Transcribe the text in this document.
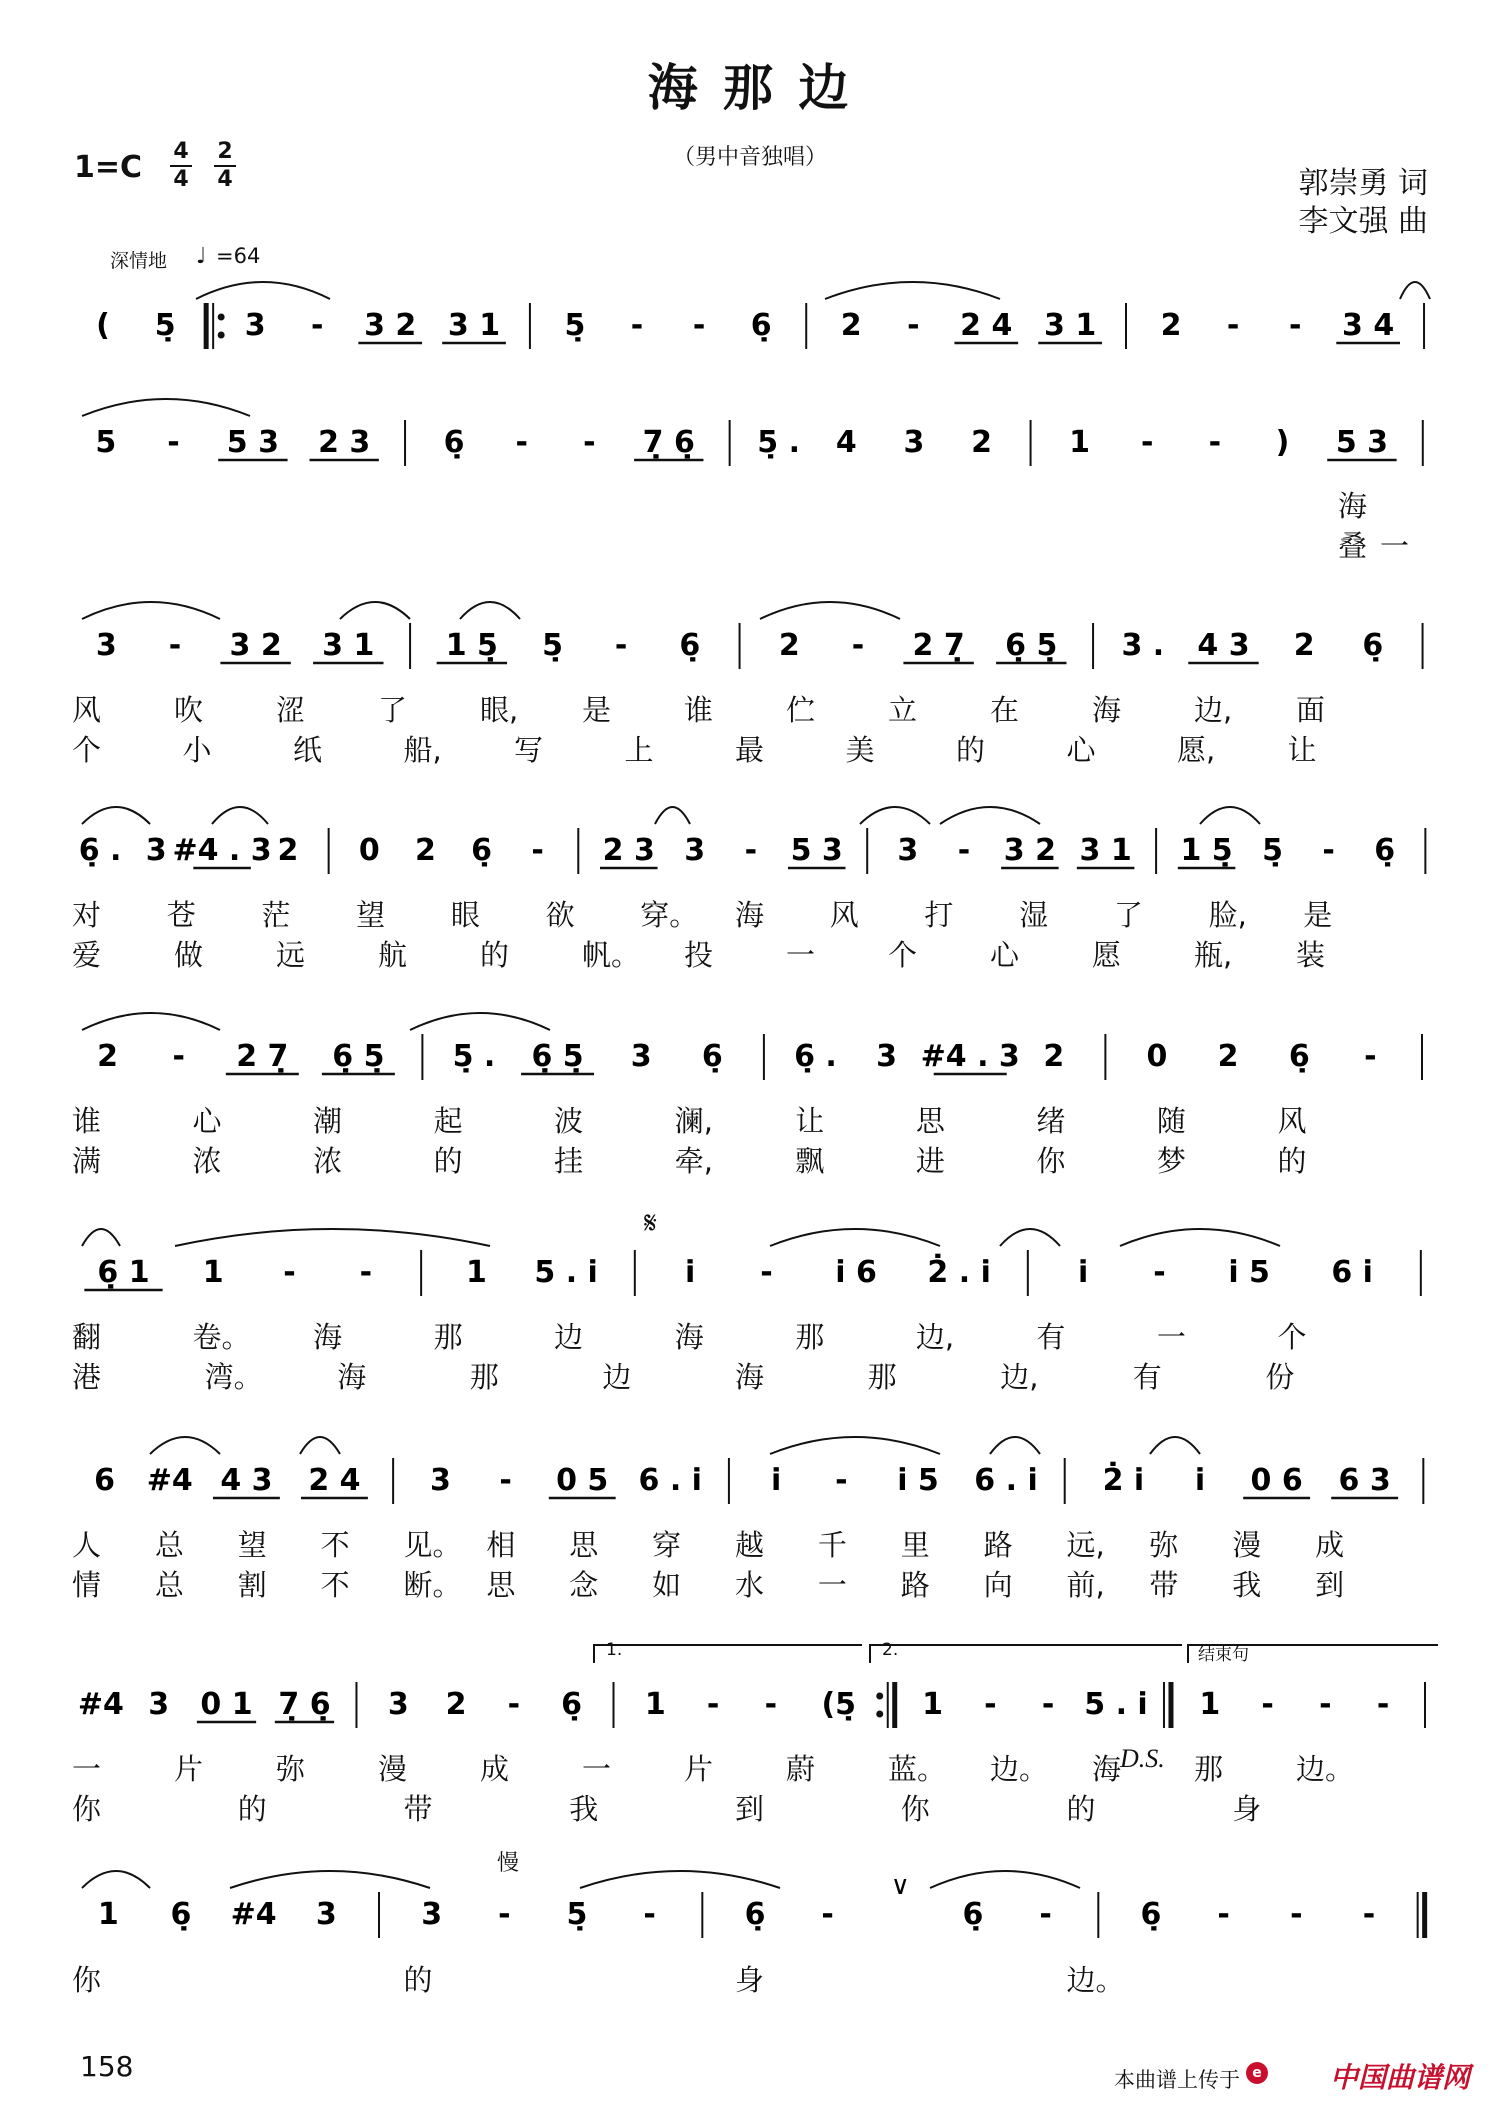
海 那 边
（男中音独唱）
1=C 4
4
2
4	郭崇勇 词
李文强 曲
深情地 ♩ =64
( 5̣ 3 - 3 2 3 1 5̣ - - 6̣ 2 - 2 4 3 1 2 - - 3 4
5 - 5 3 2 3 6̣ - - 7̣ 6̣ 5̣ . 4 3 2	1 - - ) 5 3
3 - 3 2 3 1 1 5̣ 5̣ - 6̣	2 - 2 7̣ 6̣ 5̣ 3 . 4 3 2 6̣
6̣ . 3 #4 . 3 2 0 2 6̣ - 2 3 3 - 5 3 3 - 3 2 3 1 1 5̣ 5̣ - 6̣
2 - 2 7̣ 6̣ 5̣ 5̣ . 6̣ 5̣ 3 6̣ 6̣ . 3 #4 . 3 2	0 2 6̣ -
6̣ 1 1 - -	1 5 . i̇	i̇ - i̇ 6 2̇ . i̇	i̇ - i̇ 5 6 i̇
6 #4 4 3 2 4 3 - 0 5 6 . i̇ i̇ - i̇ 5 6 . i̇ 2̇ i̇ i̇ 0 6 6 3
#4 3 0 1 7̣ 6̣ 3 2 - 6̣ 1 - - (5̣ 1 - - 5 . i̇ 1 - - -
1 6̣ #4 3	3 - 5̣ -	6̣ -
∨
6̣ -	6̣ - - -
海
叠 一
风	吹	涩	了	眼, 是	谁	伫	立	在	海	边, 面
个	小	纸	船, 写	上	最	美	的	心	愿, 让
对 苍 茫 望 眼 欲 穿。 海 风 打 湿 了 脸, 是
爱	做	远	航	的	帆。 投	一	个	心	愿	瓶, 装
谁	心	潮	起	波	澜,	让	思	绪	随	风
满	浓	浓	的	挂	牵,	飘	进	你	梦	的
翻	卷。 海	那	边	海	那	边,	有	一	个
港	湾。	海	那	边	海	那	边,	有	份
人 总 望 不 见。 相 思 穿 越 千 里 路 远, 弥 漫 成
情 总 割 不 断。 思 念 如 水 一 路 向 前, 带 我 到
一	片	弥	漫	成	一	片	蔚	蓝。 边。 海	那	边。
你	的	带	我	到	你	的	身
你	的	身	边。
𝄋
慢
1.	2.	结束句
D.S.
158	本曲谱上传于 e 中国曲谱网
